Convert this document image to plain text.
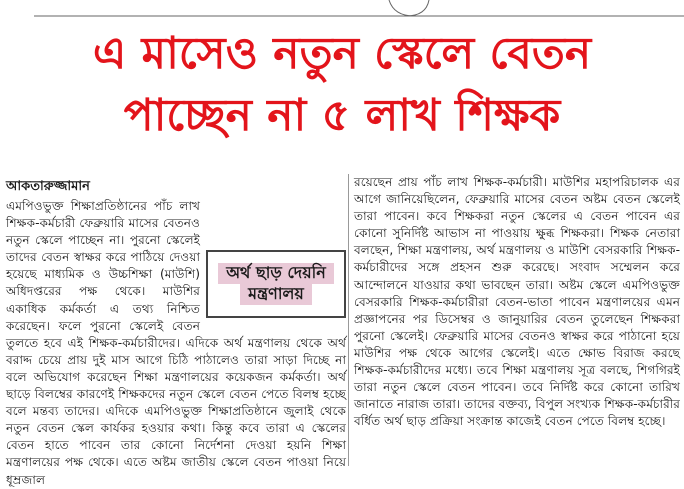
এ মাসেও নতুন স্কেলে বেতন
পাচ্ছেন না ৫ লাখ শিক্ষক
আকতারুজ্জামান
অর্থ ছাড় দেয়নি
মন্ত্রণালয়

এমপিওভুক্ত শিক্ষাপ্রতিষ্ঠানের পাঁচ লাখ শিক্ষক-কর্মচারী ফেব্রুয়ারি মাসের বেতনও নতুন স্কেলে পাচ্ছেন না। পুরনো স্কেলেই তাদের বেতন স্বাক্ষর করে পাঠিয়ে দেওয়া হয়েছে মাধ্যমিক ও উচ্চশিক্ষা (মাউশি) অধিদপ্তরের পক্ষ থেকে। মাউশির একাধিক কর্মকর্তা এ তথ্য নিশ্চিত করেছেন। ফলে পুরনো স্কেলেই বেতন তুলতে হবে এই শিক্ষক-কর্মচারীদের। এদিকে অর্থ মন্ত্রণালয় থেকে অর্থ বরাদ্দ চেয়ে প্রায় দুই মাস আগে চিঠি পাঠালেও তারা সাড়া দিচ্ছে না বলে অভিযোগ করেছেন শিক্ষা মন্ত্রণালয়ের কয়েকজন কর্মকর্তা। অর্থ ছাড়ে বিলম্বের কারণেই শিক্ষকদের নতুন স্কেলে বেতন পেতে বিলম্ব হচ্ছে বলে মন্তব্য তাদের। এদিকে এমপিওভুক্ত শিক্ষাপ্রতিষ্ঠানে জুলাই থেকে নতুন বেতন স্কেল কার্যকর হওয়ার কথা। কিন্তু কবে তারা এ স্কেলের বেতন হাতে পাবেন তার কোনো নির্দেশনা দেওয়া হয়নি শিক্ষা মন্ত্রণালয়ের পক্ষ থেকে। এতে অষ্টম জাতীয় স্কেলে বেতন পাওয়া নিয়ে ধূম্রজাল

রয়েছেন প্রায় পাঁচ লাখ শিক্ষক-কর্মচারী। মাউশির মহাপরিচালক এর আগে জানিয়েছিলেন, ফেব্রুয়ারি মাসের বেতন অষ্টম বেতন স্কেলেই তারা পাবেন। কবে শিক্ষকরা নতুন স্কেলের এ বেতন পাবেন এর কোনো সুনির্দিষ্ট আভাস না পাওয়ায় ক্ষুব্ধ শিক্ষকরা। শিক্ষক নেতারা বলছেন, শিক্ষা মন্ত্রণালয়, অর্থ মন্ত্রণালয় ও মাউশি বেসরকারি শিক্ষক-কর্মচারীদের সঙ্গে প্রহসন শুরু করেছে। সংবাদ সম্মেলন করে আন্দোলনে যাওয়ার কথা ভাবছেন তারা। অষ্টম স্কেলে এমপিওভুক্ত বেসরকারি শিক্ষক-কর্মচারীরা বেতন-ভাতা পাবেন মন্ত্রণালয়ের এমন প্রজ্ঞাপনের পর ডিসেম্বর ও জানুয়ারির বেতন তুলেছেন শিক্ষকরা পুরনো স্কেলেই। ফেব্রুয়ারি মাসের বেতনও স্বাক্ষর করে পাঠানো হয়ে মাউশির পক্ষ থেকে আগের স্কেলেই। এতে ক্ষোভ বিরাজ করছে শিক্ষক-কর্মচারীদের মধ্যে। তবে শিক্ষা মন্ত্রণালয় সূত্র বলছে, শিগগিরই তারা নতুন স্কেলে বেতন পাবেন। তবে নির্দিষ্ট করে কোনো তারিখ জানাতে নারাজ তারা। তাদের বক্তব্য, বিপুল সংখ্যক শিক্ষক-কর্মচারীর বর্ধিত অর্থ ছাড় প্রক্রিয়া সংক্রান্ত কাজেই বেতন পেতে বিলম্ব হচ্ছে।
